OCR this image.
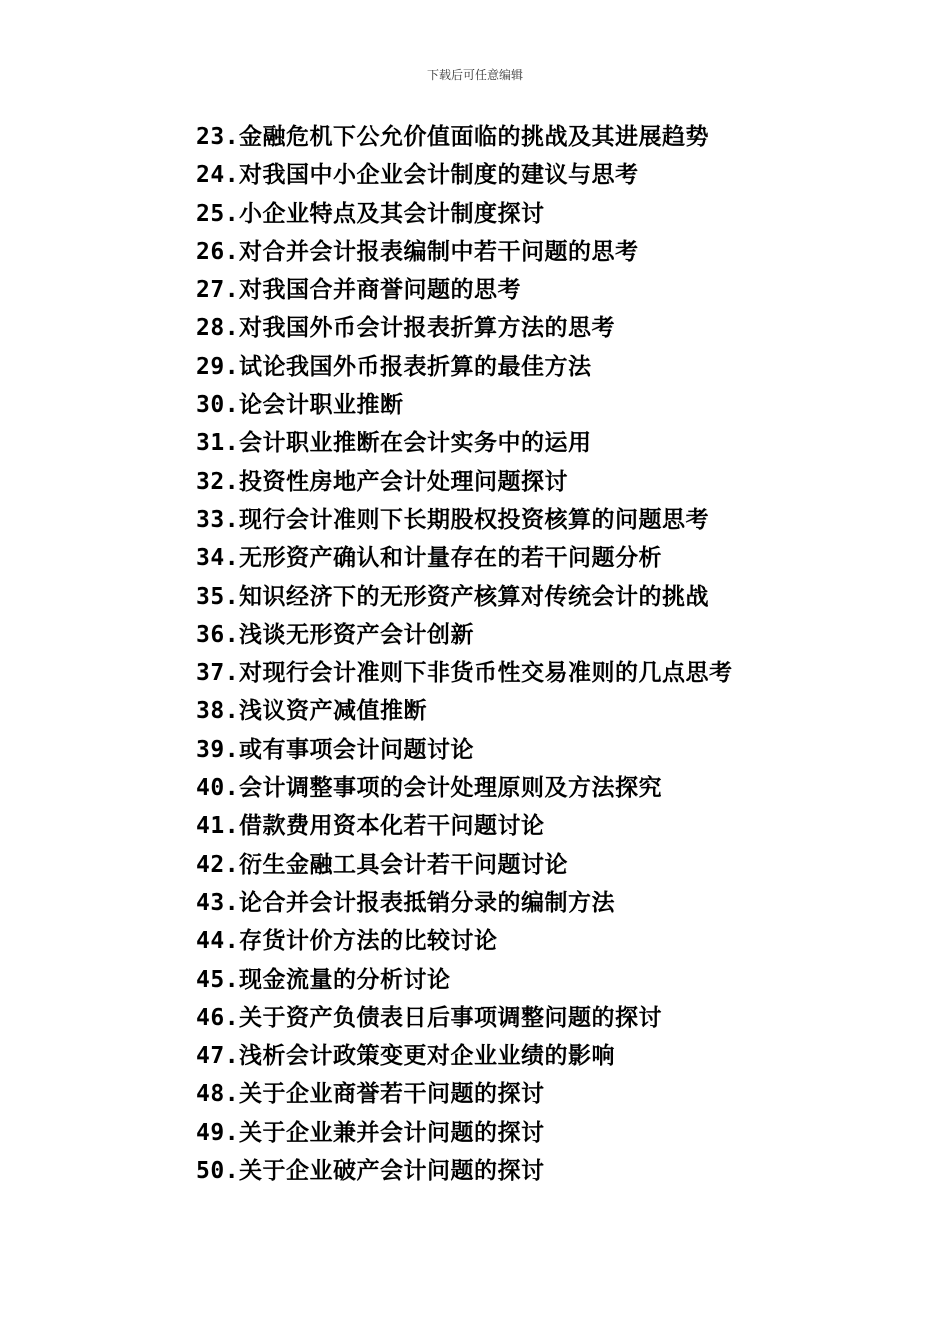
下载后可任意编辑
23.金融危机下公允价值面临的挑战及其进展趋势
24.对我国中小企业会计制度的建议与思考
25.小企业特点及其会计制度探讨
26.对合并会计报表编制中若干问题的思考
27.对我国合并商誉问题的思考
28.对我国外币会计报表折算方法的思考
29.试论我国外币报表折算的最佳方法
30.论会计职业推断
31.会计职业推断在会计实务中的运用
32.投资性房地产会计处理问题探讨
33.现行会计准则下长期股权投资核算的问题思考
34.无形资产确认和计量存在的若干问题分析
35.知识经济下的无形资产核算对传统会计的挑战
36.浅谈无形资产会计创新
37.对现行会计准则下非货币性交易准则的几点思考
38.浅议资产减值推断
39.或有事项会计问题讨论
40.会计调整事项的会计处理原则及方法探究
41.借款费用资本化若干问题讨论
42.衍生金融工具会计若干问题讨论
43.论合并会计报表抵销分录的编制方法
44.存货计价方法的比较讨论
45.现金流量的分析讨论
46.关于资产负债表日后事项调整问题的探讨
47.浅析会计政策变更对企业业绩的影响
48.关于企业商誉若干问题的探讨
49.关于企业兼并会计问题的探讨
50.关于企业破产会计问题的探讨
